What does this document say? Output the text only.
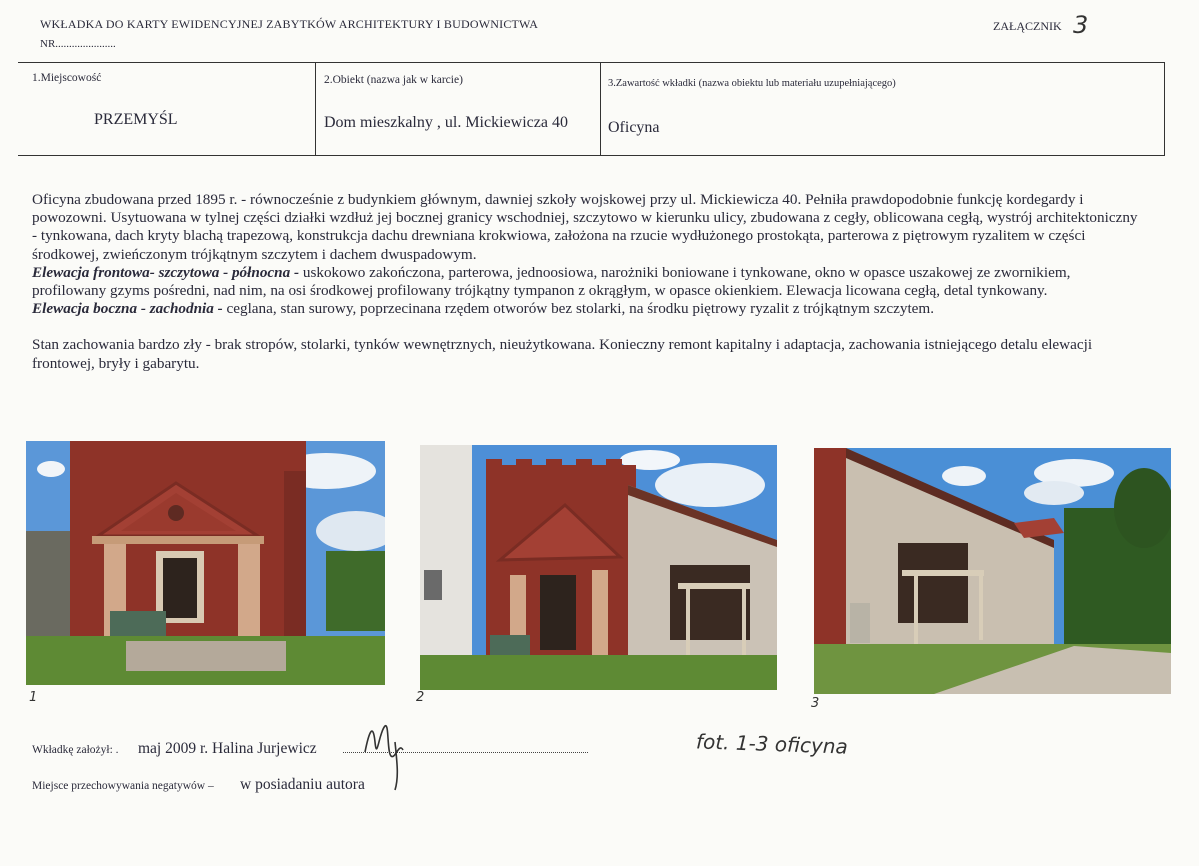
WKŁADKA DO KARTY EWIDENCYJNEJ ZABYTKÓW ARCHITEKTURY I BUDOWNICTWA
NR......................
ZAŁĄCZNIK 3
1.Miejscowość
PRZEMYŚL
2.Obiekt (nazwa jak w karcie)
Dom mieszkalny , ul. Mickiewicza 40
3.Zawartość wkładki (nazwa obiektu lub materiału uzupełniającego)
Oficyna

Oficyna zbudowana przed 1895 r. - równocześnie z budynkiem głównym, dawniej szkoły wojskowej przy ul. Mickiewicza 40. Pełniła prawdopodobnie funkcję kordegardy i powozowni. Usytuowana w tylnej części działki wzdłuż jej bocznej granicy wschodniej, szczytowo w kierunku ulicy, zbudowana z cegły, oblicowana cegłą, wystrój architektoniczny - tynkowana, dach kryty blachą trapezową, konstrukcja dachu drewniana krokwiowa, założona na rzucie wydłużonego prostokąta, parterowa z piętrowym ryzalitem w części środkowej, zwieńczonym trójkątnym szczytem i dachem dwuspadowym.

Elewacja frontowa- szczytowa - północna - uskokowo zakończona, parterowa, jednoosiowa, narożniki boniowane i tynkowane, okno w opasce uszakowej ze zwornikiem, profilowany gzyms pośredni, nad nim, na osi środkowej profilowany trójkątny tympanon z okrągłym, w opasce okienkiem. Elewacja licowana cegłą, detal tynkowany.

Elewacja boczna - zachodnia - ceglana, stan surowy, poprzecinana rzędem otworów bez stolarki, na środku piętrowy ryzalit z trójkątnym szczytem.

Stan zachowania bardzo zły - brak stropów, stolarki, tynków wewnętrznych, nieużytkowana. Konieczny remont kapitalny i adaptacja, zachowania istniejącego detalu elewacji frontowej, bryły i gabarytu.

1	2	3
Wkładkę założył: . maj 2009 r. Halina Jurjewicz
Miejsce przechowywania negatywów – w posiadaniu autora
fot. 1-3 oficyna
